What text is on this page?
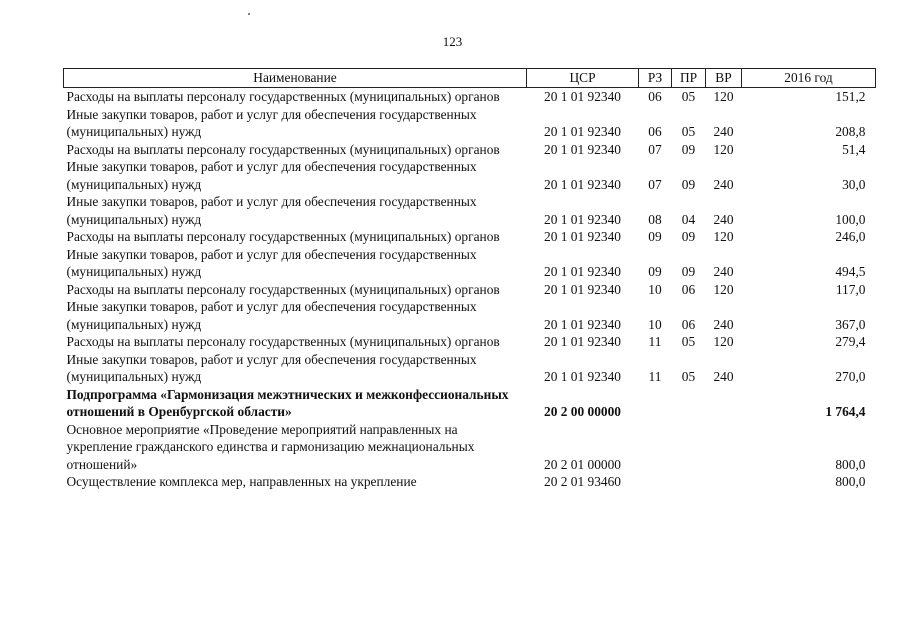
123
Наименование	ЦСР	РЗ	ПР	ВР	2016 год
Расходы на выплаты персоналу государственных (муниципальных) органов	20 1 01 92340	06	05	120	151,2
Иные закупки товаров, работ и услуг для обеспечения государственных (муниципальных) нужд	20 1 01 92340	06	05	240	208,8
Расходы на выплаты персоналу государственных (муниципальных) органов	20 1 01 92340	07	09	120	51,4
Иные закупки товаров, работ и услуг для обеспечения государственных (муниципальных) нужд	20 1 01 92340	07	09	240	30,0
Иные закупки товаров, работ и услуг для обеспечения государственных (муниципальных) нужд	20 1 01 92340	08	04	240	100,0
Расходы на выплаты персоналу государственных (муниципальных) органов	20 1 01 92340	09	09	120	246,0
Иные закупки товаров, работ и услуг для обеспечения государственных (муниципальных) нужд	20 1 01 92340	09	09	240	494,5
Расходы на выплаты персоналу государственных (муниципальных) органов	20 1 01 92340	10	06	120	117,0
Иные закупки товаров, работ и услуг для обеспечения государственных (муниципальных) нужд	20 1 01 92340	10	06	240	367,0
Расходы на выплаты персоналу государственных (муниципальных) органов	20 1 01 92340	11	05	120	279,4
Иные закупки товаров, работ и услуг для обеспечения государственных (муниципальных) нужд	20 1 01 92340	11	05	240	270,0
Подпрограмма «Гармонизация межэтнических и межконфессиональных отношений в Оренбургской области»	20 2 00 00000				1 764,4
Основное мероприятие «Проведение мероприятий направленных на укрепление гражданского единства и гармонизацию межнациональных отношений»	20 2 01 00000				800,0
Осуществление комплекса мер, направленных на укрепление	20 2 01 93460				800,0
